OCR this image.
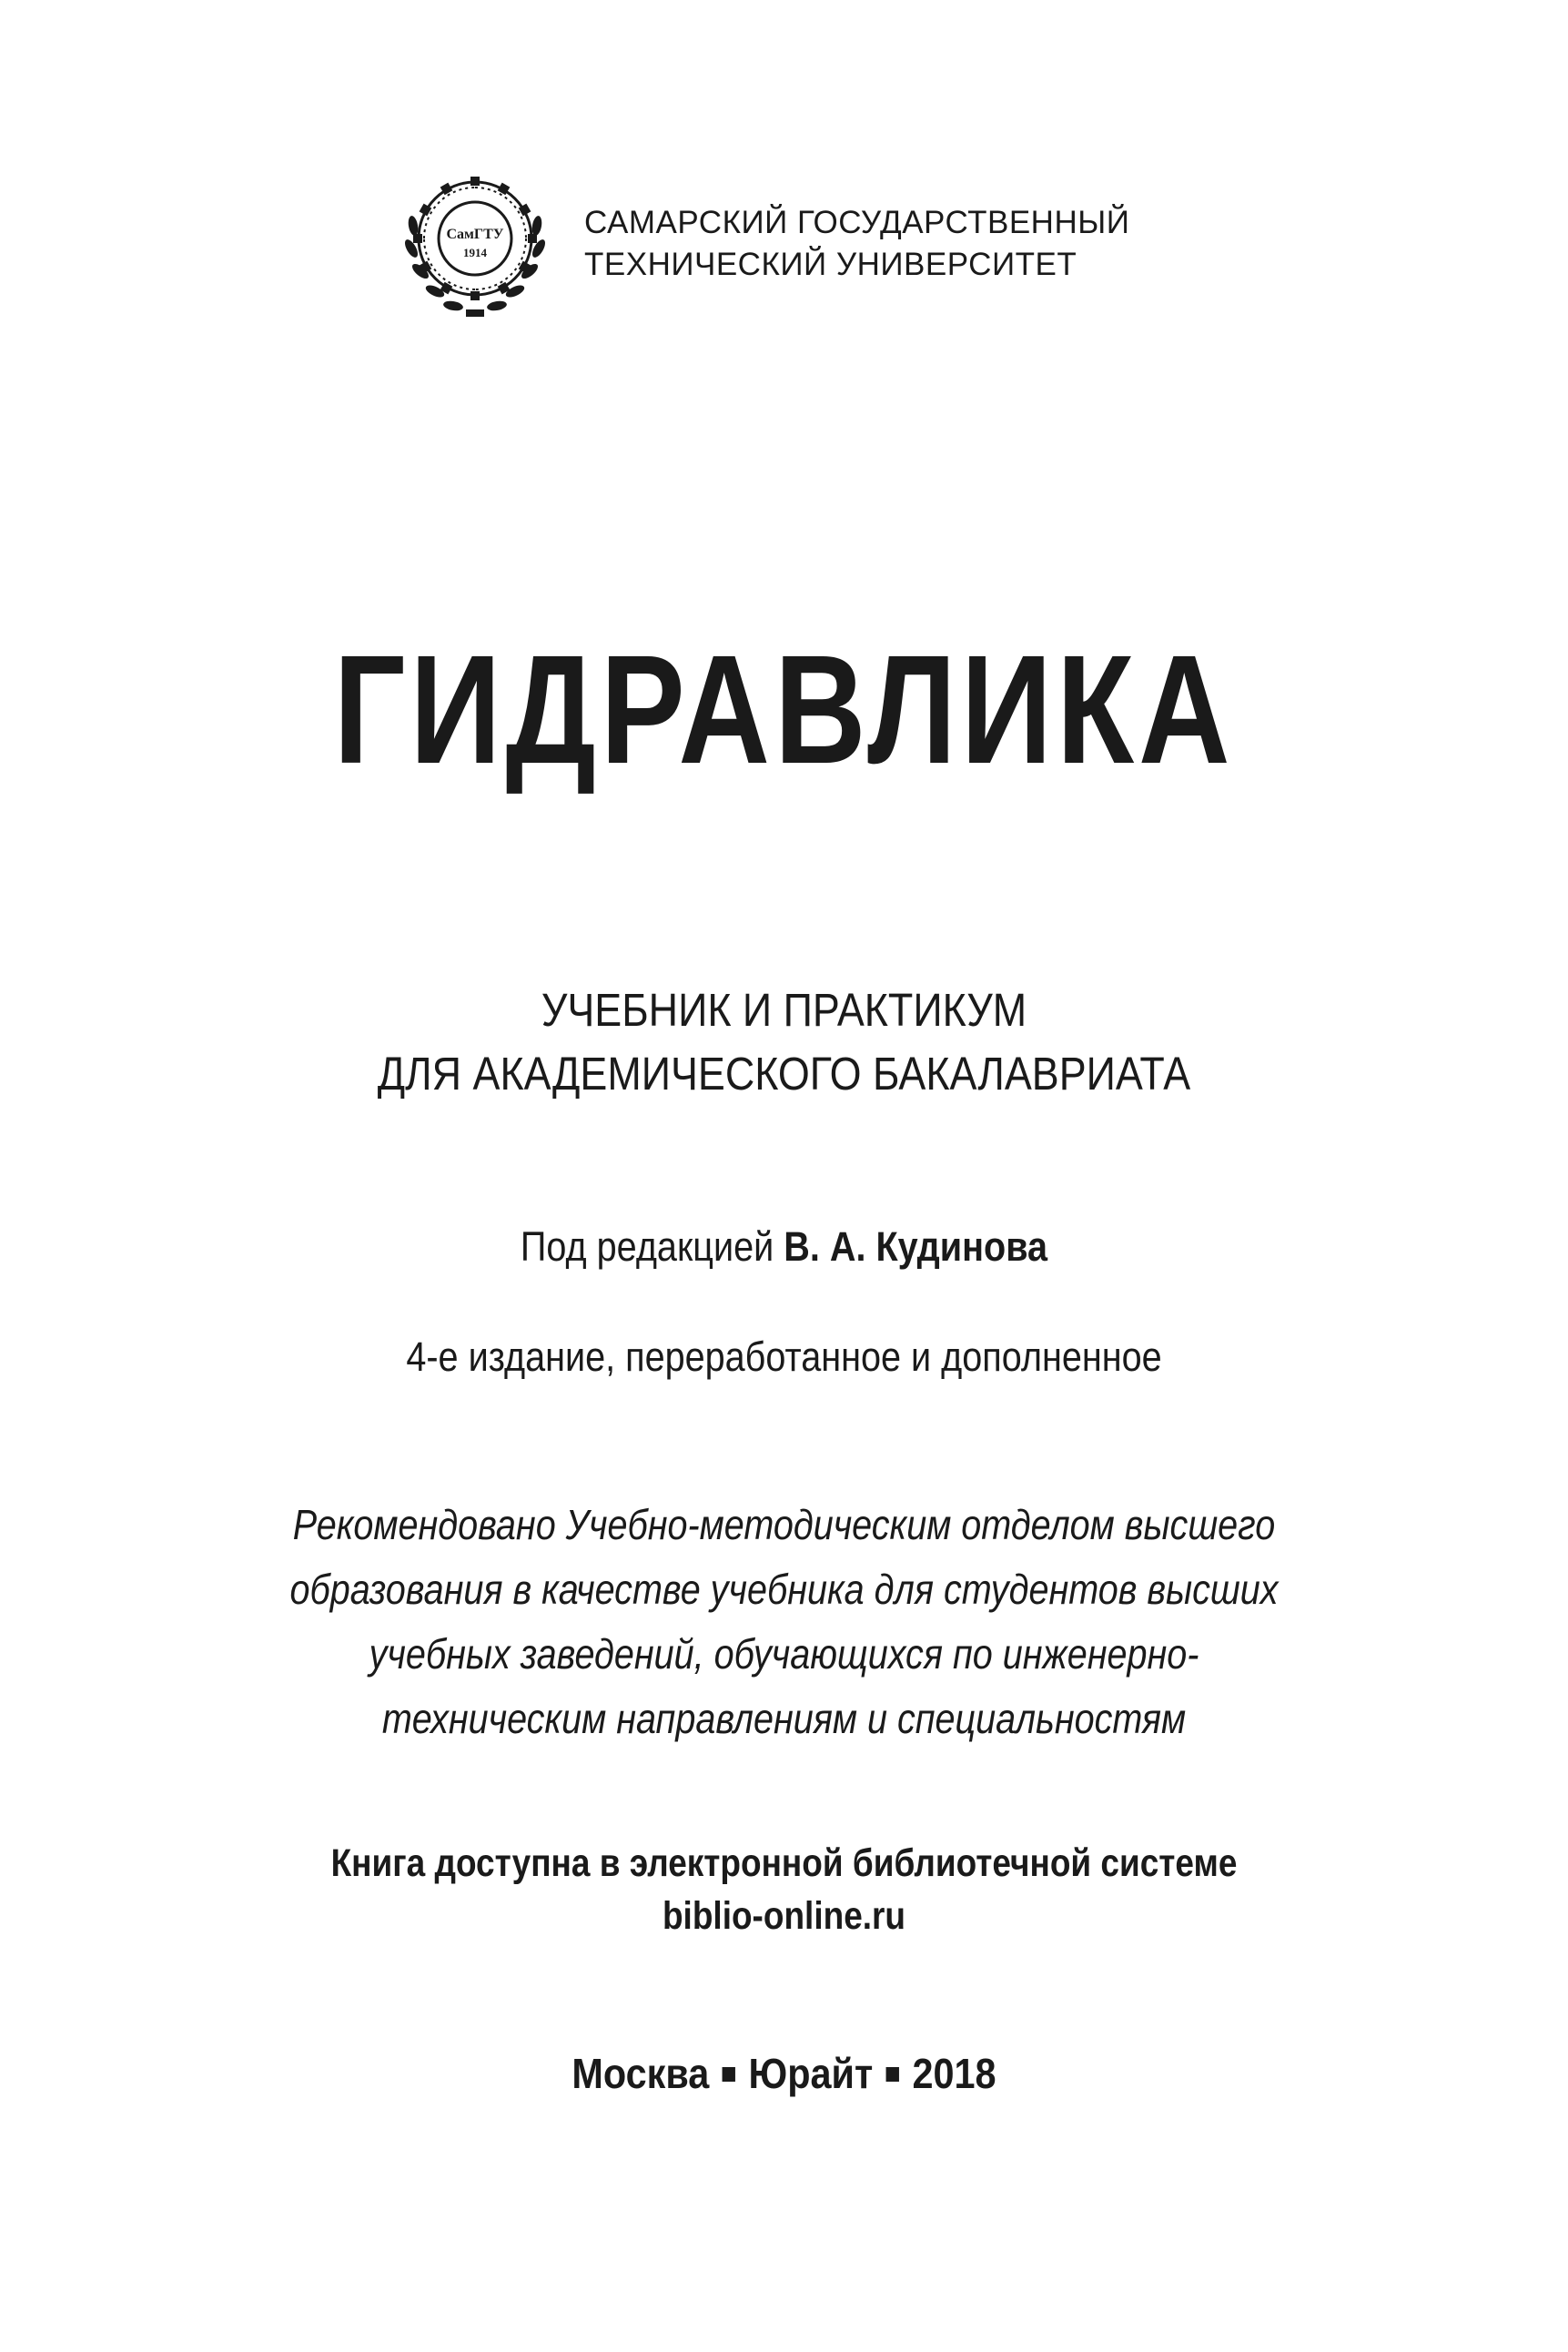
СамГТУ
1914
САМАРСКИЙ ГОСУДАРСТВЕННЫЙ
ТЕХНИЧЕСКИЙ УНИВЕРСИТЕТ
ГИДРАВЛИКА
УЧЕБНИК И ПРАКТИКУМ
ДЛЯ АКАДЕМИЧЕСКОГО БАКАЛАВРИАТА
Под редакцией В. А. Кудинова
4-е издание, переработанное и дополненное
Рекомендовано Учебно-методическим отделом высшего
образования в качестве учебника для студентов высших
учебных заведений, обучающихся по инженерно-
техническим направлениям и специальностям
Книга доступна в электронной библиотечной системе
biblio-online.ru
Москва Юрайт 2018
